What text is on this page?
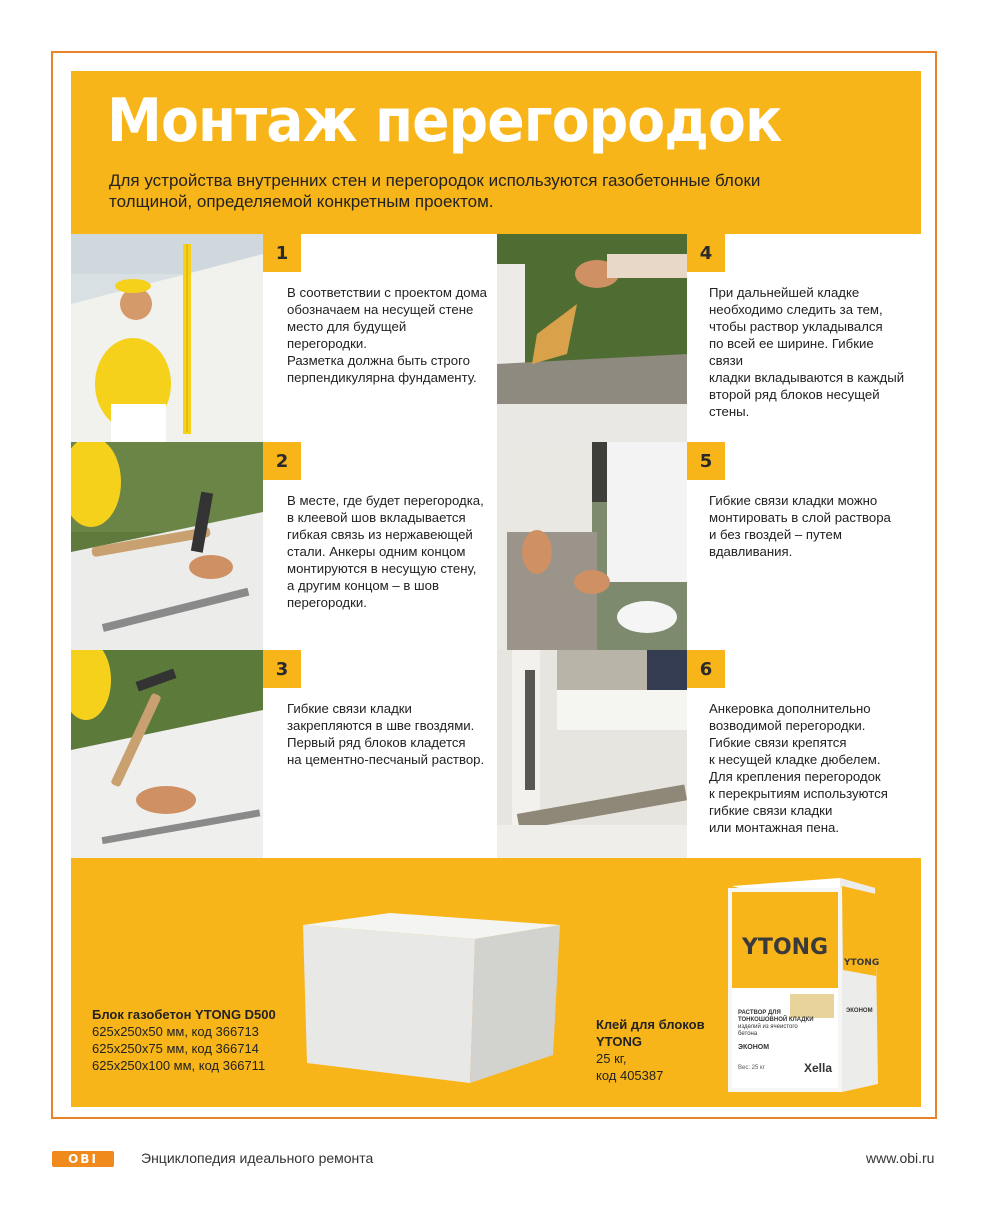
Монтаж перегородок
Для устройства внутренних стен и перегородок используются газобетонные блоки
толщиной, определяемой конкретным проектом.
1
В соответствии с проектом дома
обозначаем на несущей стене
место для будущей перегородки.
Разметка должна быть строго
перпендикулярна фундаменту.
2
В месте, где будет перегородка,
в клеевой шов вкладывается
гибкая связь из нержавеющей
стали. Анкеры одним концом
монтируются в несущую стену,
а другим концом – в шов
перегородки.
3
Гибкие связи кладки
закрепляются в шве гвоздями.
Первый ряд блоков кладется
на цементно-песчаный раствор.
4
При дальнейшей кладке
необходимо следить за тем,
чтобы раствор укладывался
по всей ее ширине. Гибкие связи
кладки вкладываются в каждый
второй ряд блоков несущей
стены.
5
Гибкие связи кладки можно
монтировать в слой раствора
и без гвоздей – путем
вдавливания.
6
Анкеровка дополнительно
возводимой перегородки.
Гибкие связи крепятся
к несущей кладке дюбелем.
Для крепления перегородок
к перекрытиям используются
гибкие связи кладки
или монтажная пена.
Блок газобетон YTONG D500
625x250x50 мм, код 366713
625x250x75 мм, код 366714
625x250x100 мм, код 366711
Клей для блоков
YTONG
25 кг,
код 405387
YTONG
YTONG
РАСТВОР ДЛЯ
ТОНКОШОВНОЙ КЛАДКИ
изделий из ячеистого
бетона
ЭКОНОМ
ЭКОНОМ
Вес: 25 кг	Xella
OBI	Энциклопедия идеального ремонта	www.obi.ru
